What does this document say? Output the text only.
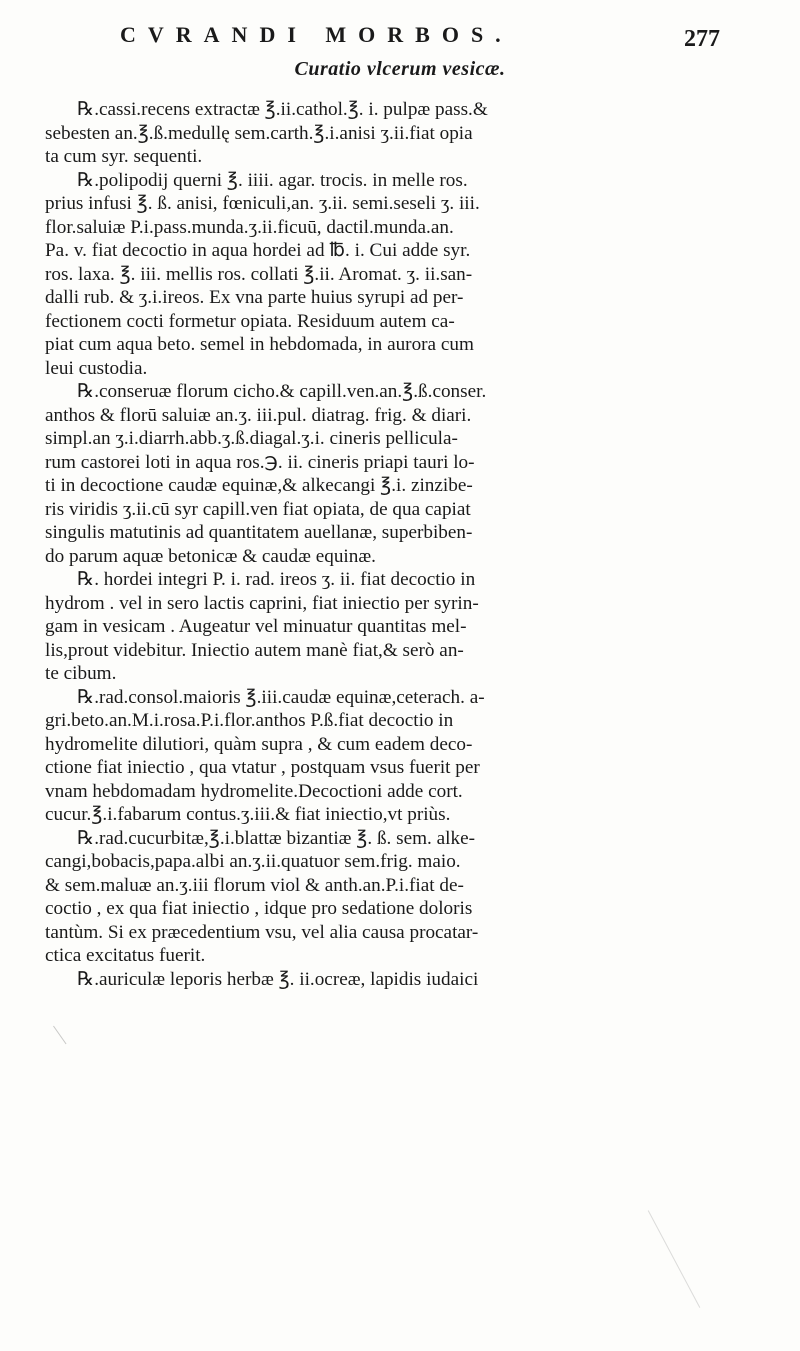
CVRANDI MORBOS.	277
Curatio vlcerum vesicæ.

℞.cassi.recens extractæ ℥.ii.cathol.℥. i. pulpæ pass.&
sebesten an.℥.ß.medullę sem.carth.℥.i.anisi ʒ.ii.fiat opia
ta cum syr. sequenti.

℞.polipodij querni ℥. iiii. agar. trocis. in melle ros.
prius infusi ℥. ß. anisi, fœniculi,an. ʒ.ii. semi.seseli ʒ. iii.
flor.saluiæ P.i.pass.munda.ʒ.ii.ficuū, dactil.munda.an.
Pa. v. fiat decoctio in aqua hordei ad ℔. i. Cui adde syr.
ros. laxa. ℥. iii. mellis ros. collati ℥.ii. Aromat. ʒ. ii.san-
dalli rub. & ʒ.i.ireos. Ex vna parte huius syrupi ad per-
fectionem cocti formetur opiata. Residuum autem ca-
piat cum aqua beto. semel in hebdomada, in aurora cum
leui custodia.

℞.conseruæ florum cicho.& capill.ven.an.℥.ß.conser.
anthos & florū saluiæ an.ʒ. iii.pul. diatrag. frig. & diari.
simpl.an ʒ.i.diarrh.abb.ʒ.ß.diagal.ʒ.i. cineris pellicula-
rum castorei loti in aqua ros.℈. ii. cineris priapi tauri lo-
ti in decoctione caudæ equinæ,& alkecangi ℥.i. zinzibe-
ris viridis ʒ.ii.cū syr capill.ven fiat opiata, de qua capiat
singulis matutinis ad quantitatem auellanæ, superbiben-
do parum aquæ betonicæ & caudæ equinæ.

℞. hordei integri P. i. rad. ireos ʒ. ii. fiat decoctio in
hydrom . vel in sero lactis caprini, fiat iniectio per syrin-
gam in vesicam . Augeatur vel minuatur quantitas mel-
lis,prout videbitur. Iniectio autem manè fiat,& serò an-
te cibum.

℞.rad.consol.maioris ℥.iii.caudæ equinæ,ceterach. a-
gri.beto.an.M.i.rosa.P.i.flor.anthos P.ß.fiat decoctio in
hydromelite dilutiori, quàm supra , & cum eadem deco-
ctione fiat iniectio , qua vtatur , postquam vsus fuerit per
vnam hebdomadam hydromelite.Decoctioni adde cort.
cucur.℥.i.fabarum contus.ʒ.iii.& fiat iniectio,vt priùs.

℞.rad.cucurbitæ,℥.i.blattæ bizantiæ ℥. ß. sem. alke-
cangi,bobacis,papa.albi an.ʒ.ii.quatuor sem.frig. maio.
& sem.maluæ an.ʒ.iii florum viol & anth.an.P.i.fiat de-
coctio , ex qua fiat iniectio , idque pro sedatione doloris
tantùm. Si ex præcedentium vsu, vel alia causa procatar-
ctica excitatus fuerit.

℞.auriculæ leporis herbæ ℥. ii.ocreæ, lapidis iudaici
